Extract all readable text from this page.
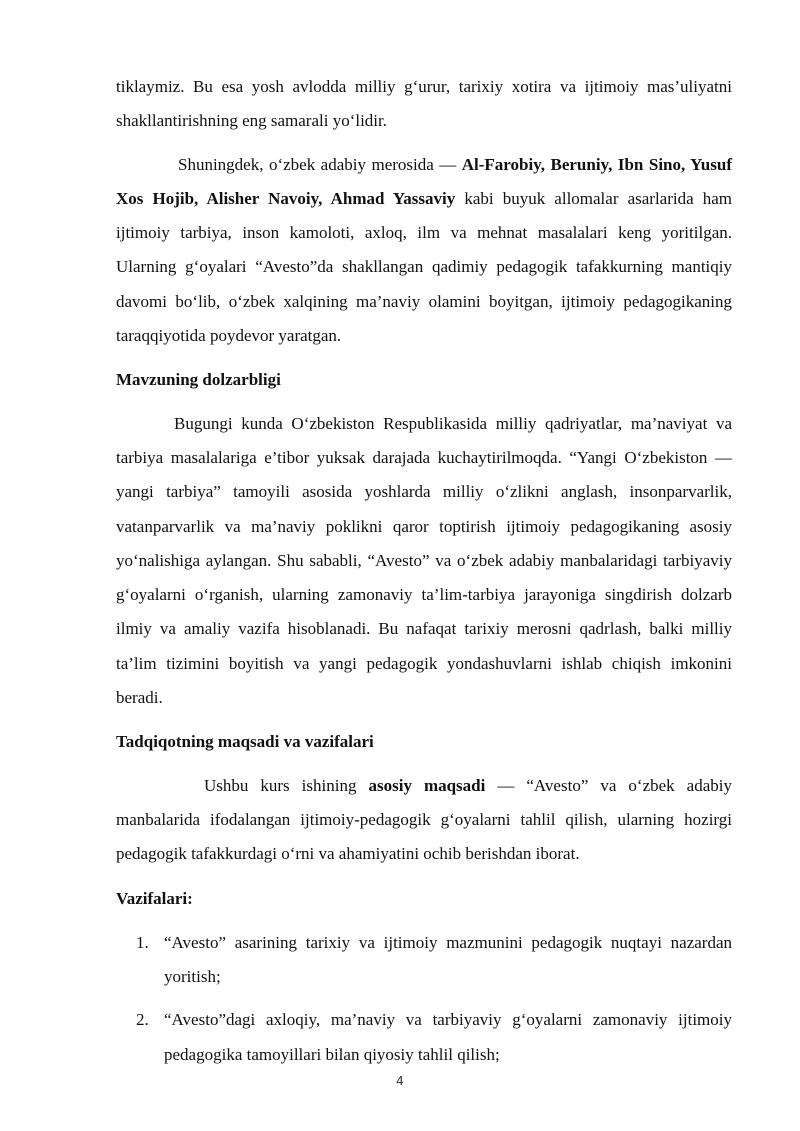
tiklaymiz. Bu esa yosh avlodda milliy g‘urur, tarixiy xotira va ijtimoiy mas’uliyatni shakllantirishning eng samarali yo‘lidir.

Shuningdek, o‘zbek adabiy merosida — Al-Farobiy, Beruniy, Ibn Sino, Yusuf Xos Hojib, Alisher Navoiy, Ahmad Yassaviy kabi buyuk allomalar asarlarida ham ijtimoiy tarbiya, inson kamoloti, axloq, ilm va mehnat masalalari keng yoritilgan. Ularning g‘oyalari “Avesto”da shakllangan qadimiy pedagogik tafakkurning mantiqiy davomi bo‘lib, o‘zbek xalqining ma’naviy olamini boyitgan, ijtimoiy pedagogikaning taraqqiyotida poydevor yaratgan.

Mavzuning dolzarbligi

Bugungi kunda O‘zbekiston Respublikasida milliy qadriyatlar, ma’naviyat va tarbiya masalalariga e’tibor yuksak darajada kuchaytirilmoqda. “Yangi O‘zbekiston — yangi tarbiya” tamoyili asosida yoshlarda milliy o‘zlikni anglash, insonparvarlik, vatanparvarlik va ma’naviy poklikni qaror toptirish ijtimoiy pedagogikaning asosiy yo‘nalishiga aylangan. Shu sababli, “Avesto” va o‘zbek adabiy manbalaridagi tarbiyaviy g‘oyalarni o‘rganish, ularning zamonaviy ta’lim-tarbiya jarayoniga singdirish dolzarb ilmiy va amaliy vazifa hisoblanadi. Bu nafaqat tarixiy merosni qadrlash, balki milliy ta’lim tizimini boyitish va yangi pedagogik yondashuvlarni ishlab chiqish imkonini beradi.

Tadqiqotning maqsadi va vazifalari

Ushbu kurs ishining asosiy maqsadi — “Avesto” va o‘zbek adabiy manbalarida ifodalangan ijtimoiy-pedagogik g‘oyalarni tahlil qilish, ularning hozirgi pedagogik tafakkurdagi o‘rni va ahamiyatini ochib berishdan iborat.

Vazifalari:
1. “Avesto” asarining tarixiy va ijtimoiy mazmunini pedagogik nuqtayi nazardan yoritish;
2. “Avesto”dagi axloqiy, ma’naviy va tarbiyaviy g‘oyalarni zamonaviy ijtimoiy pedagogika tamoyillari bilan qiyosiy tahlil qilish;
4
